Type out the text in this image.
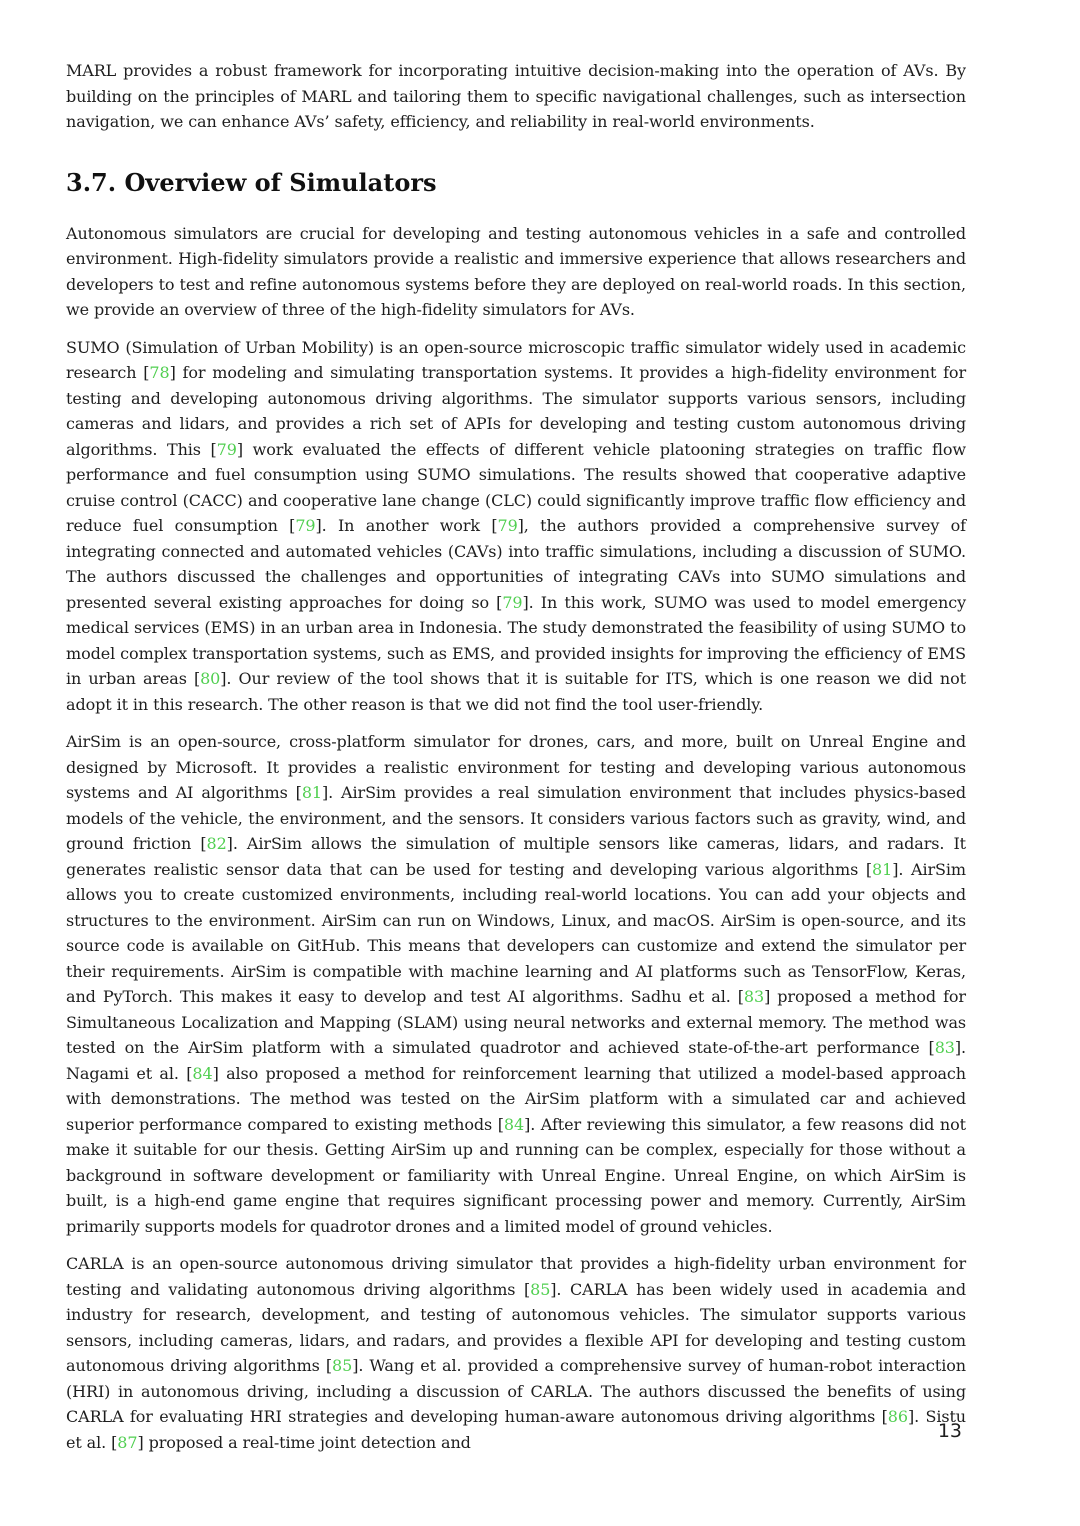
MARL provides a robust framework for incorporating intuitive decision-making into the operation of AVs. By building on the principles of MARL and tailoring them to specific navigational challenges, such as intersection navigation, we can enhance AVs’ safety, efficiency, and reliability in real-world environments.

3.7. Overview of Simulators

Autonomous simulators are crucial for developing and testing autonomous vehicles in a safe and controlled environment. High-fidelity simulators provide a realistic and immersive experience that allows researchers and developers to test and refine autonomous systems before they are deployed on real-world roads. In this section, we provide an overview of three of the high-fidelity simulators for AVs.

SUMO (Simulation of Urban Mobility) is an open-source microscopic traffic simulator widely used in academic research [78] for modeling and simulating transportation systems. It provides a high-fidelity environment for testing and developing autonomous driving algorithms. The simulator supports various sensors, including cameras and lidars, and provides a rich set of APIs for developing and testing custom autonomous driving algorithms. This [79] work evaluated the effects of different vehicle platooning strategies on traffic flow performance and fuel consumption using SUMO simulations. The results showed that cooperative adaptive cruise control (CACC) and cooperative lane change (CLC) could significantly improve traffic flow efficiency and reduce fuel consumption [79]. In another work [79], the authors provided a comprehensive survey of integrating connected and automated vehicles (CAVs) into traffic simulations, including a discussion of SUMO. The authors discussed the challenges and opportunities of integrating CAVs into SUMO simulations and presented several existing approaches for doing so [79]. In this work, SUMO was used to model emergency medical services (EMS) in an urban area in Indonesia. The study demonstrated the feasibility of using SUMO to model complex transportation systems, such as EMS, and provided insights for improving the efficiency of EMS in urban areas [80]. Our review of the tool shows that it is suitable for ITS, which is one reason we did not adopt it in this research. The other reason is that we did not find the tool user-friendly.

AirSim is an open-source, cross-platform simulator for drones, cars, and more, built on Unreal Engine and designed by Microsoft. It provides a realistic environment for testing and developing various autonomous systems and AI algorithms [81]. AirSim provides a real simulation environment that includes physics-based models of the vehicle, the environment, and the sensors. It considers various factors such as gravity, wind, and ground friction [82]. AirSim allows the simulation of multiple sensors like cameras, lidars, and radars. It generates realistic sensor data that can be used for testing and developing various algorithms [81]. AirSim allows you to create customized environments, including real-world locations. You can add your objects and structures to the environment. AirSim can run on Windows, Linux, and macOS. AirSim is open-source, and its source code is available on GitHub. This means that developers can customize and extend the simulator per their requirements. AirSim is compatible with machine learning and AI platforms such as TensorFlow, Keras, and PyTorch. This makes it easy to develop and test AI algorithms. Sadhu et al. [83] proposed a method for Simultaneous Localization and Mapping (SLAM) using neural networks and external memory. The method was tested on the AirSim platform with a simulated quadrotor and achieved state-of-the-art performance [83]. Nagami et al. [84] also proposed a method for reinforcement learning that utilized a model-based approach with demonstrations. The method was tested on the AirSim platform with a simulated car and achieved superior performance compared to existing methods [84]. After reviewing this simulator, a few reasons did not make it suitable for our thesis. Getting AirSim up and running can be complex, especially for those without a background in software development or familiarity with Unreal Engine. Unreal Engine, on which AirSim is built, is a high-end game engine that requires significant processing power and memory. Currently, AirSim primarily supports models for quadrotor drones and a limited model of ground vehicles.

CARLA is an open-source autonomous driving simulator that provides a high-fidelity urban environment for testing and validating autonomous driving algorithms [85]. CARLA has been widely used in academia and industry for research, development, and testing of autonomous vehicles. The simulator supports various sensors, including cameras, lidars, and radars, and provides a flexible API for developing and testing custom autonomous driving algorithms [85]. Wang et al. provided a comprehensive survey of human-robot interaction (HRI) in autonomous driving, including a discussion of CARLA. The authors discussed the benefits of using CARLA for evaluating HRI strategies and developing human-aware autonomous driving algorithms [86]. Sistu et al. [87] proposed a real-time joint detection and	13
